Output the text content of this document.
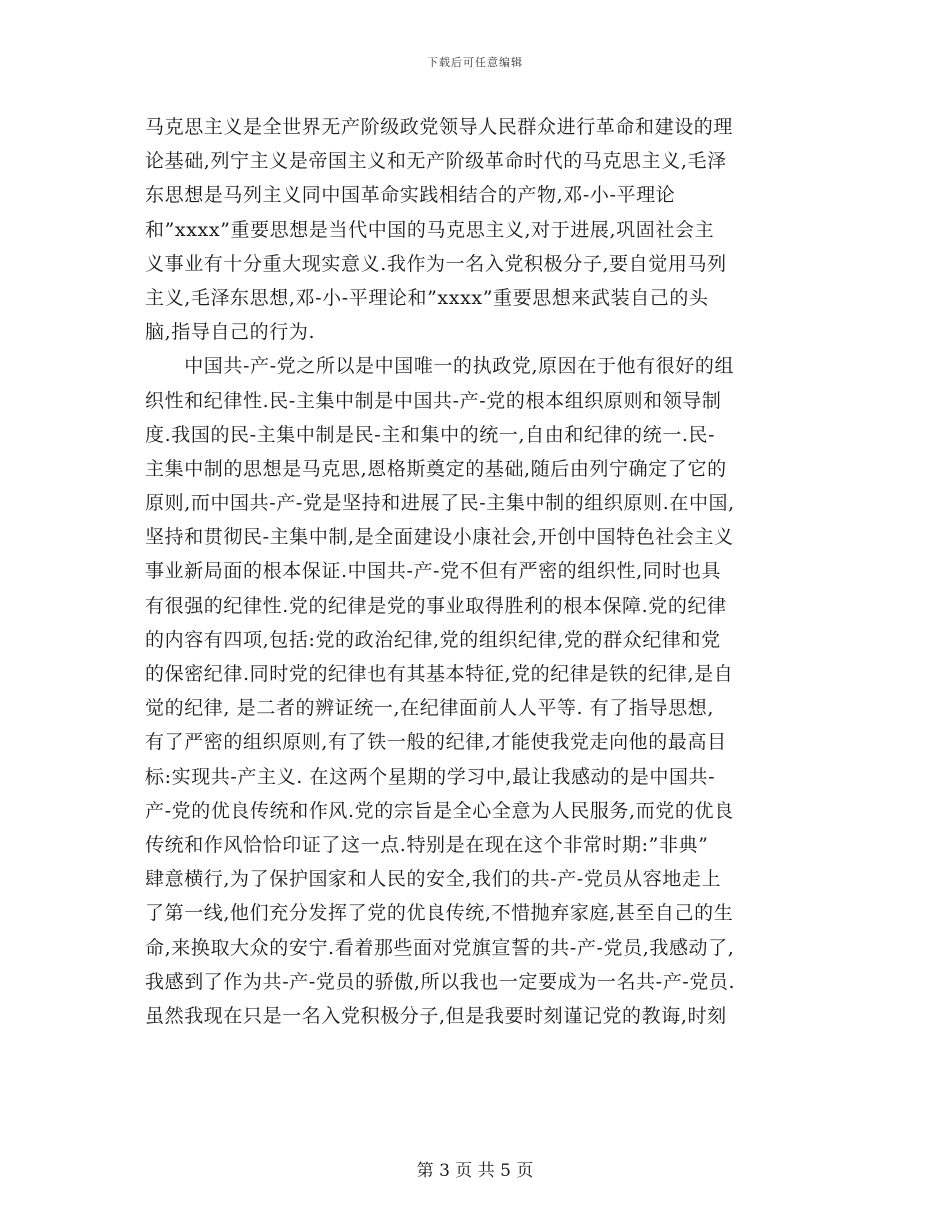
下载后可任意编辑
马克思主义是全世界无产阶级政党领导人民群众进行革命和建设的理
论基础,列宁主义是帝国主义和无产阶级革命时代的马克思主义,毛泽
东思想是马列主义同中国革命实践相结合的产物,邓-小-平理论
和”xxxx”重要思想是当代中国的马克思主义,对于进展,巩固社会主
义事业有十分重大现实意义.我作为一名入党积极分子,要自觉用马列
主义,毛泽东思想,邓-小-平理论和”xxxx”重要思想来武装自己的头
脑,指导自己的行为.
　　中国共-产-党之所以是中国唯一的执政党,原因在于他有很好的组
织性和纪律性.民-主集中制是中国共-产-党的根本组织原则和领导制
度.我国的民-主集中制是民-主和集中的统一,自由和纪律的统一.民-
主集中制的思想是马克思,恩格斯奠定的基础,随后由列宁确定了它的
原则,而中国共-产-党是坚持和进展了民-主集中制的组织原则.在中国,
坚持和贯彻民-主集中制,是全面建设小康社会,开创中国特色社会主义
事业新局面的根本保证.中国共-产-党不但有严密的组织性,同时也具
有很强的纪律性.党的纪律是党的事业取得胜利的根本保障.党的纪律
的内容有四项,包括:党的政治纪律,党的组织纪律,党的群众纪律和党
的保密纪律.同时党的纪律也有其基本特征,党的纪律是铁的纪律,是自
觉的纪律, 是二者的辨证统一,在纪律面前人人平等. 有了指导思想,
有了严密的组织原则,有了铁一般的纪律,才能使我党走向他的最高目
标:实现共-产主义. 在这两个星期的学习中,最让我感动的是中国共-
产-党的优良传统和作风.党的宗旨是全心全意为人民服务,而党的优良
传统和作风恰恰印证了这一点.特别是在现在这个非常时期:”非典”
肆意横行,为了保护国家和人民的安全,我们的共-产-党员从容地走上
了第一线,他们充分发挥了党的优良传统,不惜抛弃家庭,甚至自己的生
命,来换取大众的安宁.看着那些面对党旗宣誓的共-产-党员,我感动了,
我感到了作为共-产-党员的骄傲,所以我也一定要成为一名共-产-党员.
虽然我现在只是一名入党积极分子,但是我要时刻谨记党的教诲,时刻
第 3 页 共 5 页
